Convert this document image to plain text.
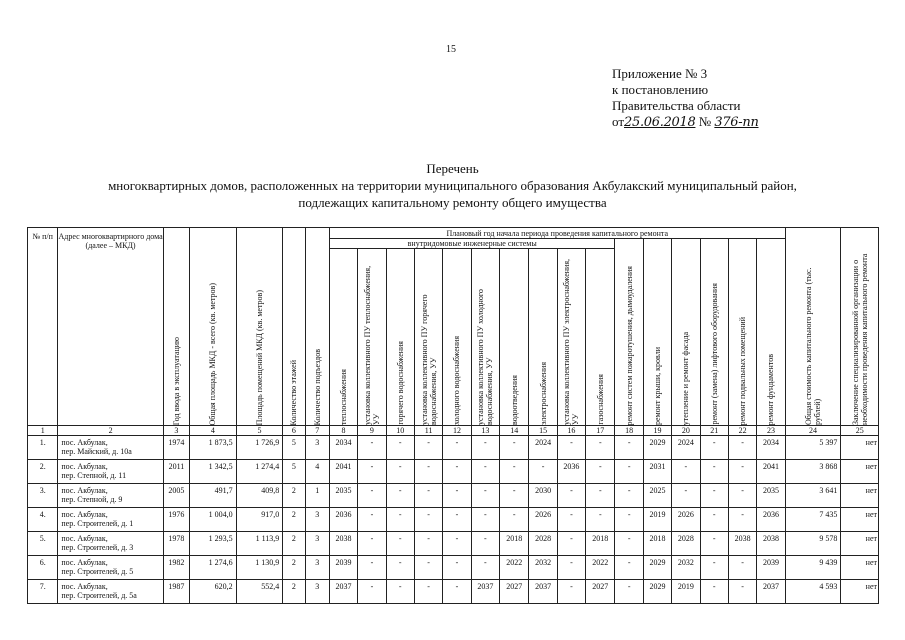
15
Приложение № 3
к постановлению
Правительства области
от25.06.2018 № 376-пп
Перечень
многоквартирных домов, расположенных на территории муниципального образования Акбулакский муниципальный район,
подлежащих капитальному ремонту общего имущества
№ п/п	Адрес многоквартирного дома (далее – МКД)	Год ввода в эксплуатацию	Общая площадь МКД - всего (кв. метров)	Площадь помещений МКД (кв. метров)	Количество этажей	Количество подъездов	Плановый год начала периода проведения капитального ремонта																Общая стоимость капитального ремонта (тыс. рублей)	Заключение специализированной организации о необходимости проведения капитального ремонта

							внутридомовые инженерные системы										ремонт систем пожаротушения, дымоудаления	ремонт крыши, кровли	утепление и ремонт фасада	ремонт (замена) лифтового оборудования	ремонт подвальных помещений	ремонт фундаментов		

							теплоснабжения	установка коллективного ПУ теплоснабжения, УУ	горячего водоснабжения	установка коллективного ПУ горячего водоснабжения, УУ	холодного водоснабжения	установка коллективного ПУ холодного водоснабжения, УУ	водоотведения	электроснабжения	установка коллективного ПУ электроснабжения, УУ	газоснабжения								

1	2	3	4	5	6	7	8	9	10	11	12	13	14	15	16	17	18	19	20	21	22	23	24	25
1.	пос. Акбулак,
пер. Майский, д. 10а	1974	1 873,5	1 726,9	5	3	2034	-	-	-	-	-	-	2024	-	-	-	2029	2024	-	-	2034	5 397	нет
2.	пос. Акбулак,
пер. Степной, д. 11	2011	1 342,5	1 274,4	5	4	2041	-	-	-	-	-	-	-	2036	-	-	2031	-	-	-	2041	3 868	нет
3.	пос. Акбулак,
пер. Степной, д. 9	2005	491,7	409,8	2	1	2035	-	-	-	-	-	-	2030	-	-	-	2025	-	-	-	2035	3 641	нет
4.	пос. Акбулак,
пер. Строителей, д. 1	1976	1 004,0	917,0	2	3	2036	-	-	-	-	-	-	2026	-	-	-	2019	2026	-	-	2036	7 435	нет
5.	пос. Акбулак,
пер. Строителей, д. 3	1978	1 293,5	1 113,9	2	3	2038	-	-	-	-	-	2018	2028	-	2018	-	2018	2028	-	2038	2038	9 578	нет
6.	пос. Акбулак,
пер. Строителей, д. 5	1982	1 274,6	1 130,9	2	3	2039	-	-	-	-	-	2022	2032	-	2022	-	2029	2032	-	-	2039	9 439	нет
7.	пос. Акбулак,
пер. Строителей, д. 5а	1987	620,2	552,4	2	3	2037	-	-	-	-	2037	2027	2037	-	2027	-	2029	2019	-	-	2037	4 593	нет
